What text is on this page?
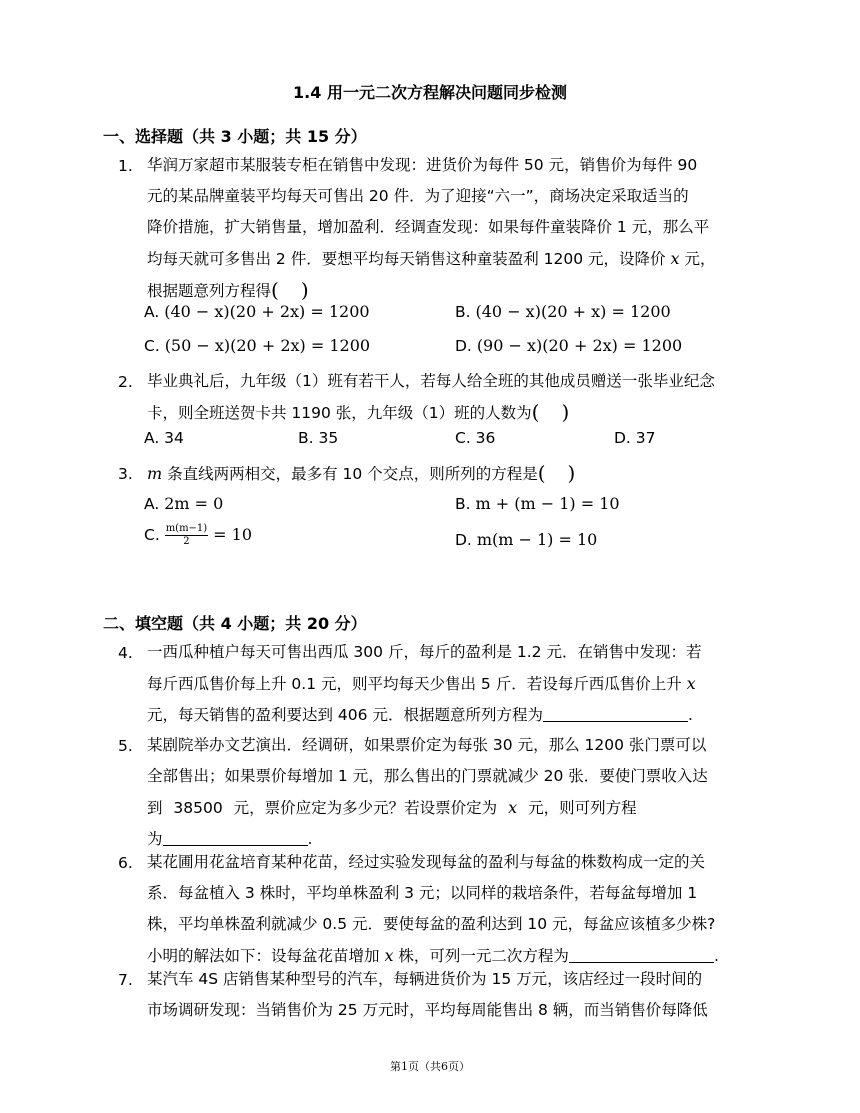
1.4 用一元二次方程解决问题同步检测
一、选择题（共 3 小题；共 15 分）
1. 华润万家超市某服装专柜在销售中发现：进货价为每件 50 元，销售价为每件 90
元的某品牌童装平均每天可售出 20 件．为了迎接“六一”，商场决定采取适当的
降价措施，扩大销售量，增加盈利．经调查发现：如果每件童装降价 1 元，那么平
均每天就可多售出 2 件．要想平均每天销售这种童装盈利 1200 元，设降价 x 元，
根据题意列方程得()
A. (40 − x)(20 + 2x) = 1200	B. (40 − x)(20 + x) = 1200
C. (50 − x)(20 + 2x) = 1200	D. (90 − x)(20 + 2x) = 1200
2. 毕业典礼后，九年级（1）班有若干人，若每人给全班的其他成员赠送一张毕业纪念
卡，则全班送贺卡共 1190 张，九年级（1）班的人数为()
A. 34	B. 35	C. 36	D. 37
3. m 条直线两两相交，最多有 10 个交点，则所列的方程是()
A. 2m = 0	B. m + (m − 1) = 10
C. $\frac{m(m-1)}{2} = 10$	D. m(m − 1) = 10
二、填空题（共 4 小题；共 20 分）
4. 一西瓜种植户每天可售出西瓜 300 斤，每斤的盈利是 1.2 元．在销售中发现：若
每斤西瓜售价每上升 0.1 元，则平均每天少售出 5 斤．若设每斤西瓜售价上升 x
元，每天销售的盈利要达到 406 元．根据题意所列方程为	.
5. 某剧院举办文艺演出．经调研，如果票价定为每张 30 元，那么 1200 张门票可以
全部售出；如果票价每增加 1 元，那么售出的门票就减少 20 张．要使门票收入达
到 38500 元，票价应定为多少元？若设票价定为 x 元，则可列方程
为	.
6. 某花圃用花盆培育某种花苗，经过实验发现每盆的盈利与每盆的株数构成一定的关
系．每盆植入 3 株时，平均单株盈利 3 元；以同样的栽培条件，若每盆每增加 1
株，平均单株盈利就减少 0.5 元．要使每盆的盈利达到 10 元，每盆应该植多少株?
小明的解法如下：设每盆花苗增加 x 株，可列一元二次方程为	.
7. 某汽车 4S 店销售某种型号的汽车，每辆进货价为 15 万元，该店经过一段时间的
市场调研发现：当销售价为 25 万元时，平均每周能售出 8 辆，而当销售价每降低
第1页（共6页）
